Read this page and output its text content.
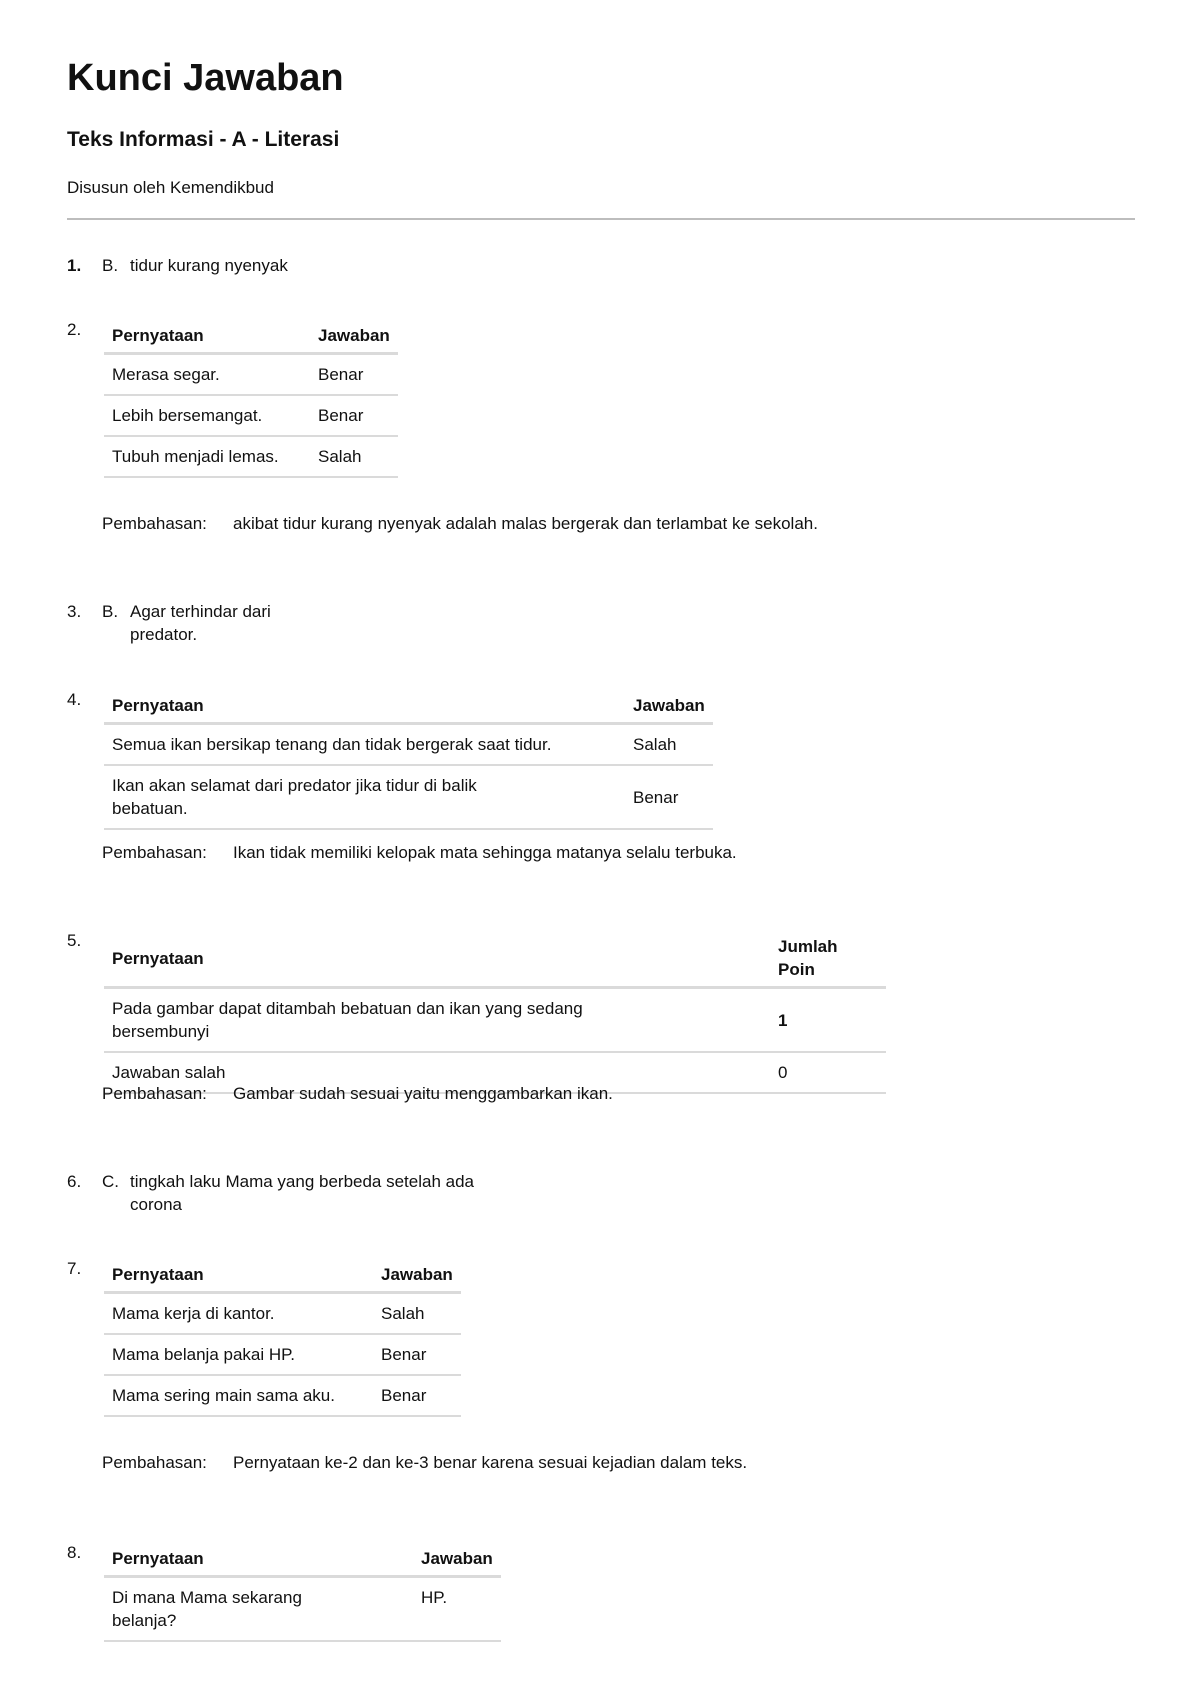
Kunci Jawaban
Teks Informasi - A - Literasi

Disusun oleh Kemendikbud

1. B. tidur kurang nyenyak
2. Pernyataan	Jawaban
Merasa segar.	Benar
Lebih bersemangat.	Benar
Tubuh menjadi lemas.	Salah
Pembahasan: akibat tidur kurang nyenyak adalah malas bergerak dan terlambat ke sekolah.
3. B. Agar terhindar dari predator.
4. Pernyataan	Jawaban
Semua ikan bersikap tenang dan tidak bergerak saat tidur.	Salah

Ikan akan selamat dari predator jika tidur di balik bebatuan.	Benar
Pembahasan: Ikan tidak memiliki kelopak mata sehingga matanya selalu terbuka.
5.
Pernyataan	Jumlah Poin

Pada gambar dapat ditambah bebatuan dan ikan yang sedang bersembunyi	1
Jawaban salah	0
Pembahasan: Gambar sudah sesuai yaitu menggambarkan ikan.
6. C. tingkah laku Mama yang berbeda setelah ada corona
7. Pernyataan	Jawaban
Mama kerja di kantor.	Salah
Mama belanja pakai HP.	Benar

Mama sering main sama aku.	Benar
Pembahasan: Pernyataan ke-2 dan ke-3 benar karena sesuai kejadian dalam teks.
8. Pernyataan	Jawaban

Di mana Mama sekarang belanja?	HP.
